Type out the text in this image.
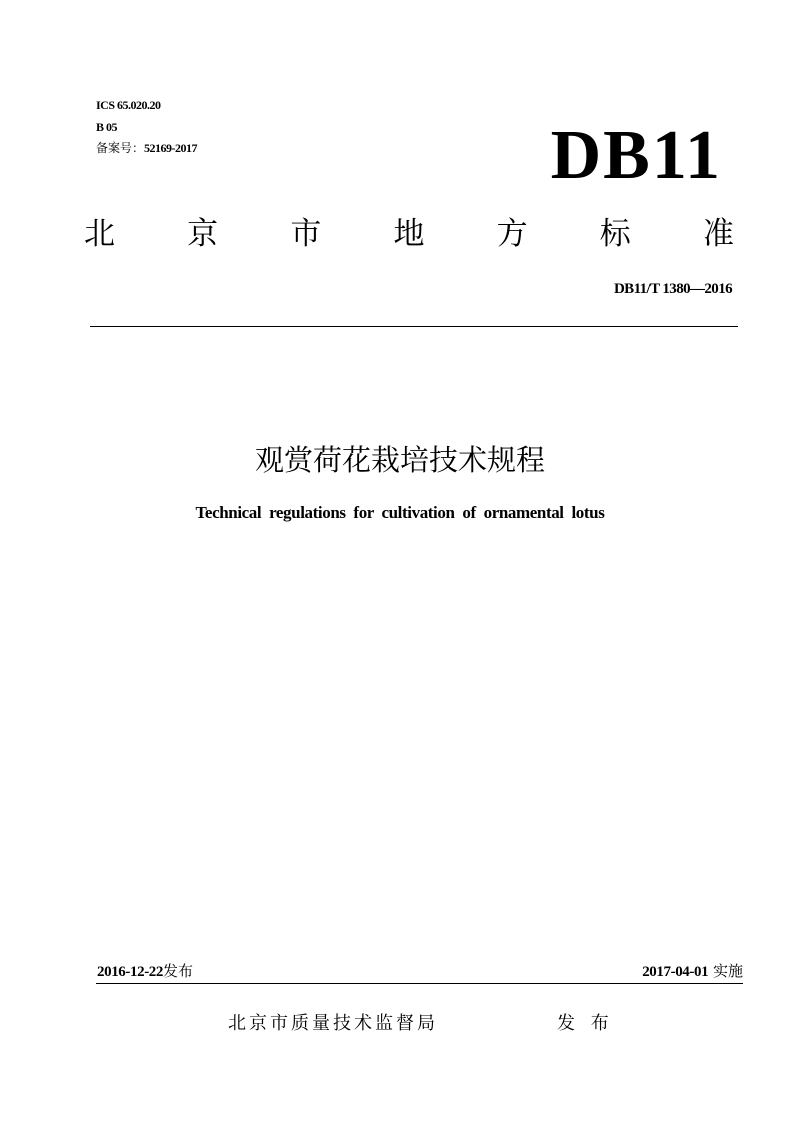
ICS 65.020.20
B 05
备案号：52169-2017	DB11
北 京 市 地 方 标 准
DB11/T 1380—2016
观赏荷花栽培技术规程
Technical regulations for cultivation of ornamental lotus
2016-12-22发布	2017-04-01 实施
北京市质量技术监督局	发 布
